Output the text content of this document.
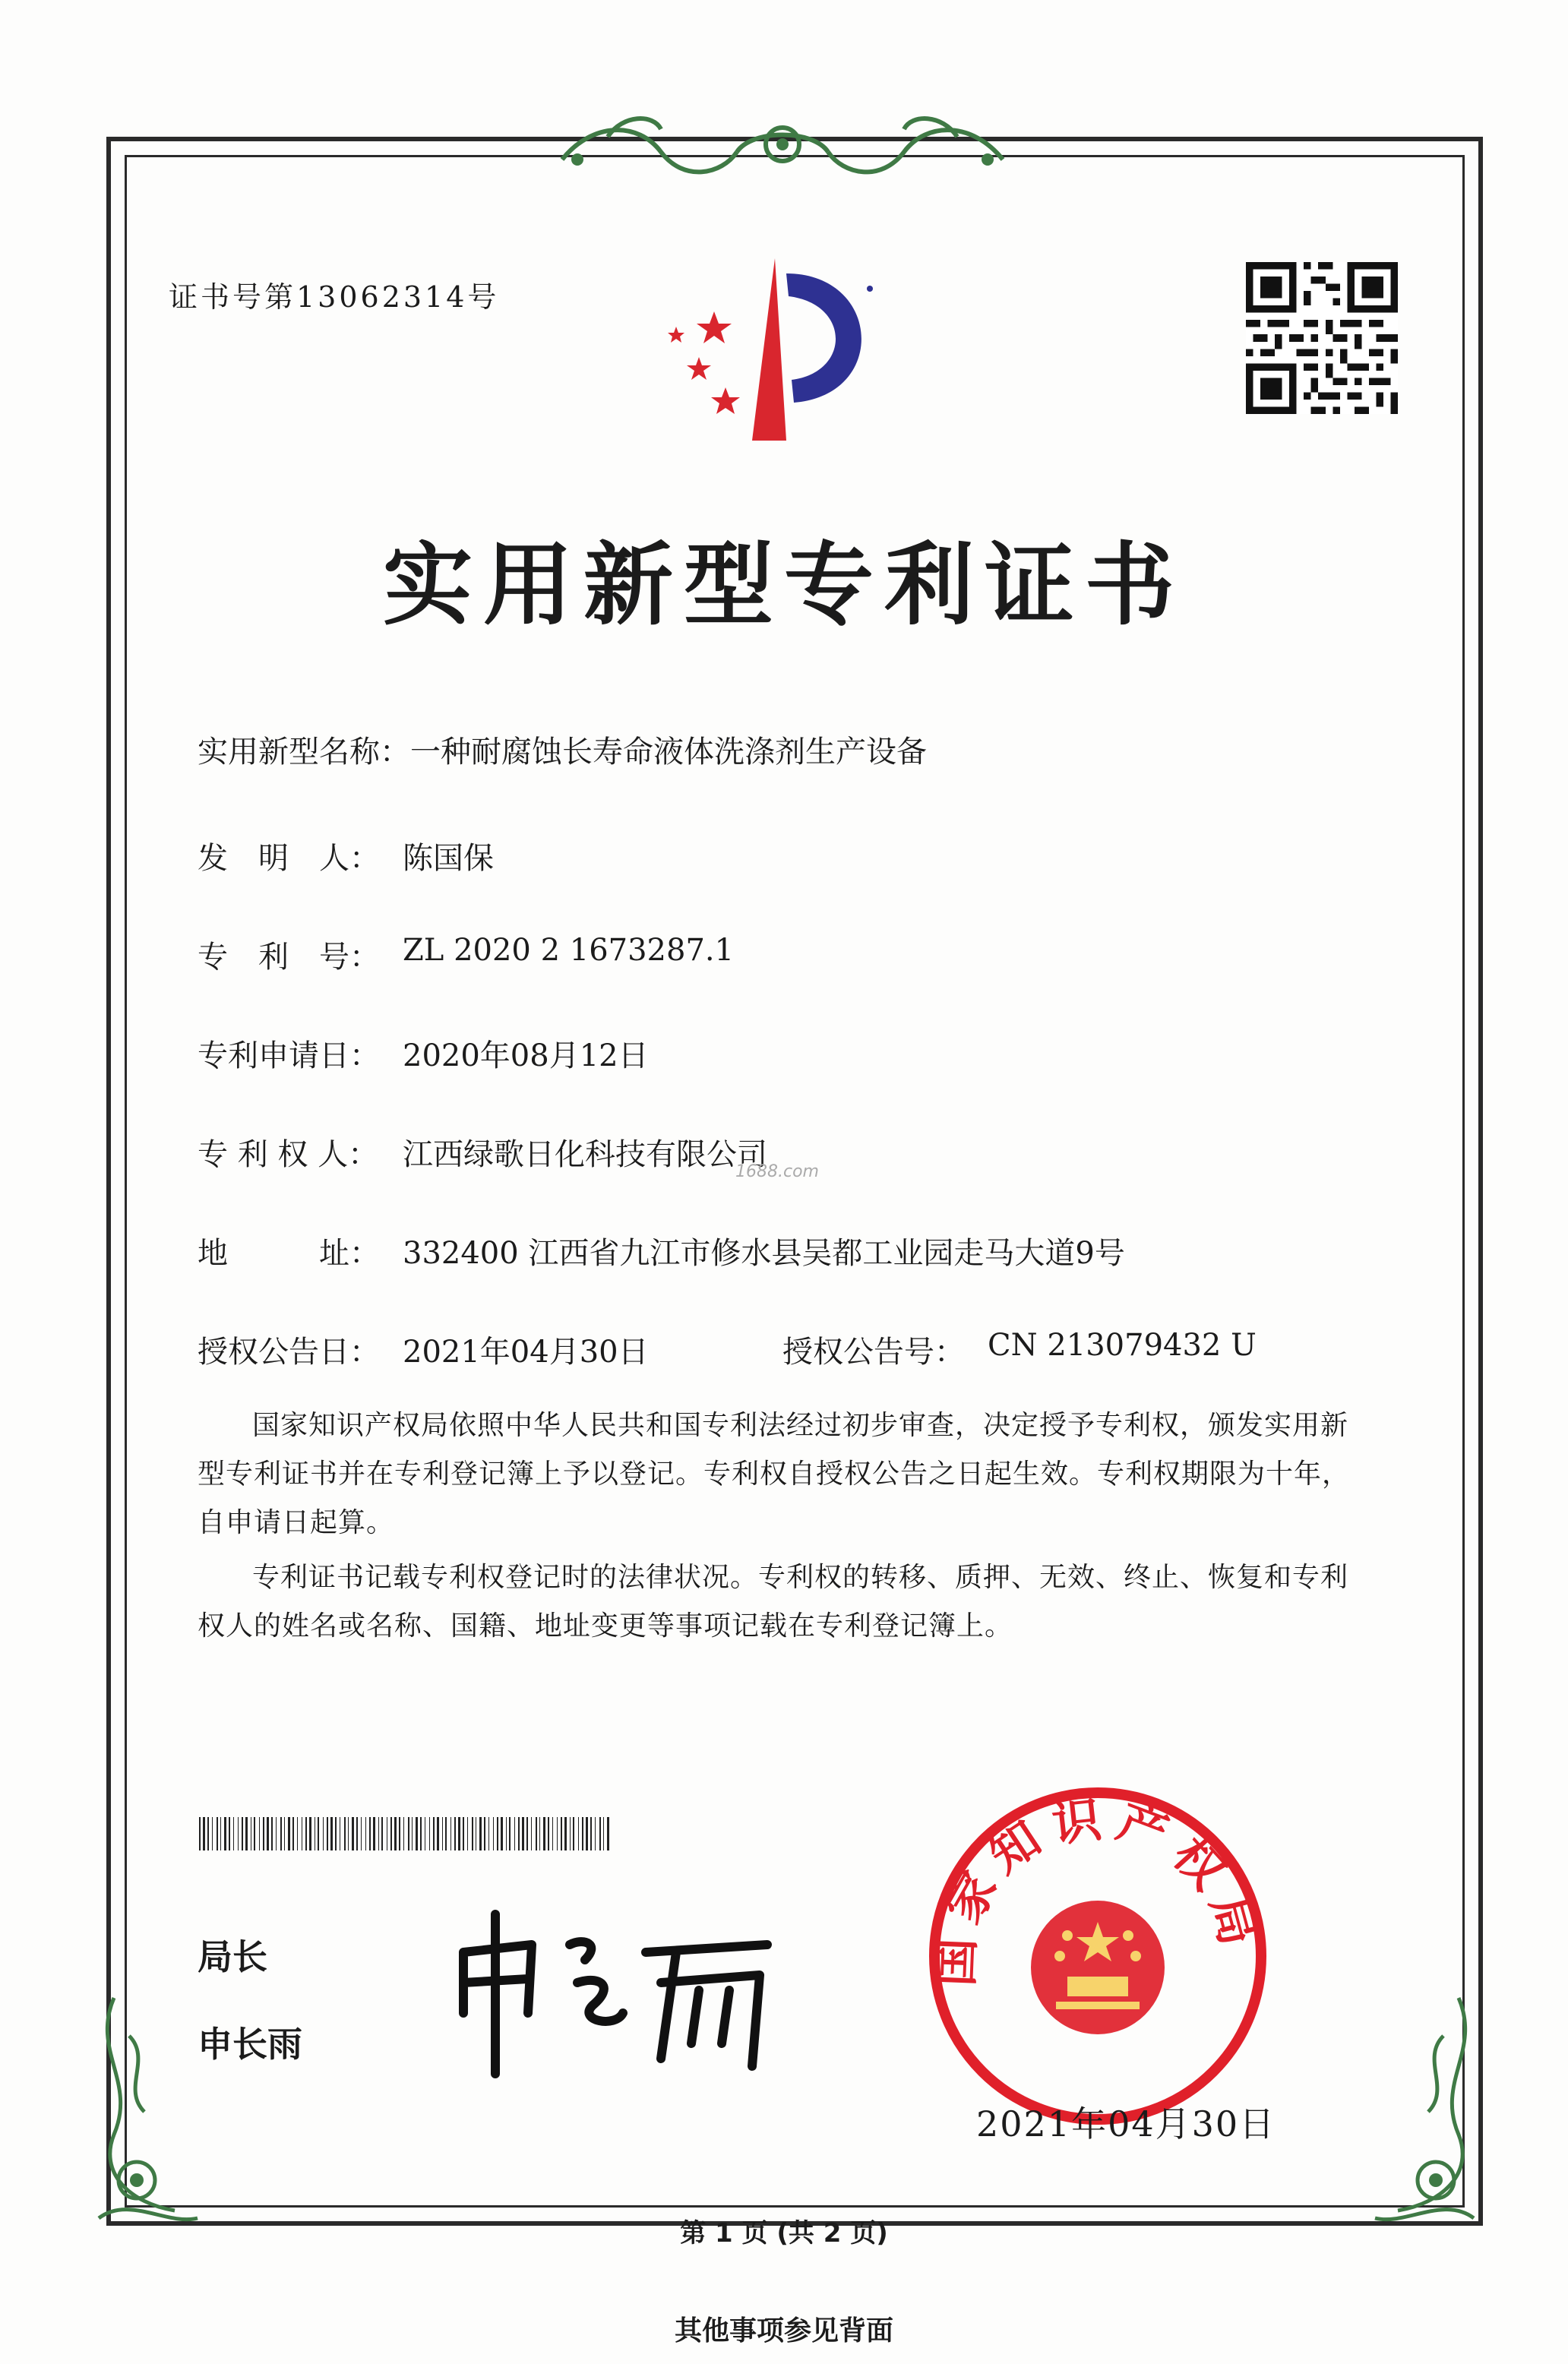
证书号第13062314号
实用新型专利证书
实用新型名称： 一种耐腐蚀长寿命液体洗涤剂生产设备
发　明　人： 陈国保
专　利　号： ZL 2020 2 1673287.1
专利申请日： 2020年08月12日
专 利 权 人： 江西绿歌日化科技有限公司
1688.com
地　　　址： 332400 江西省九江市修水县吴都工业园走马大道9号
授权公告日： 2021年04月30日	授权公告号： CN 213079432 U

国家知识产权局依照中华人民共和国专利法经过初步审查，决定授予专利权，颁发实用新型专利证书并在专利登记簿上予以登记。专利权自授权公告之日起生效。专利权期限为十年，自申请日起算。

专利证书记载专利权登记时的法律状况。专利权的转移、质押、无效、终止、恢复和专利权人的姓名或名称、国籍、地址变更等事项记载在专利登记簿上。

局长
申长雨
国家知识产权局
2021年04月30日
第 1 页 (共 2 页)
其他事项参见背面
